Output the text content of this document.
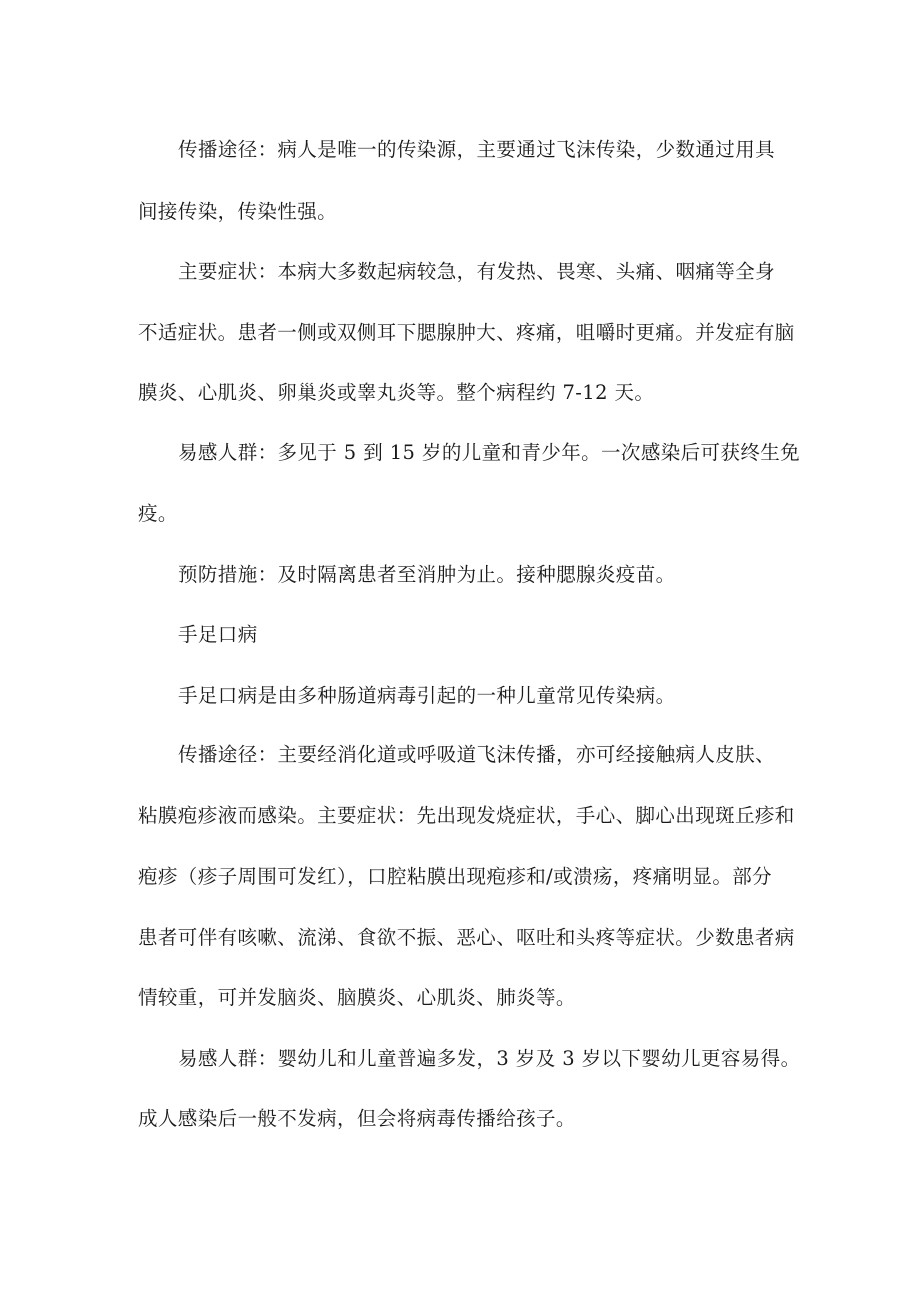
传播途径：病人是唯一的传染源，主要通过飞沫传染，少数通过用具
间接传染，传染性强。
主要症状：本病大多数起病较急，有发热、畏寒、头痛、咽痛等全身
不适症状。患者一侧或双侧耳下腮腺肿大、疼痛，咀嚼时更痛。并发症有脑
膜炎、心肌炎、卵巢炎或睾丸炎等。整个病程约 7-12 天。
易感人群：多见于 5 到 15 岁的儿童和青少年。一次感染后可获终生免
疫。
预防措施：及时隔离患者至消肿为止。接种腮腺炎疫苗。
手足口病
手足口病是由多种肠道病毒引起的一种儿童常见传染病。
传播途径：主要经消化道或呼吸道飞沫传播，亦可经接触病人皮肤、
粘膜疱疹液而感染。主要症状：先出现发烧症状，手心、脚心出现斑丘疹和
疱疹（疹子周围可发红），口腔粘膜出现疱疹和/或溃疡，疼痛明显。部分
患者可伴有咳嗽、流涕、食欲不振、恶心、呕吐和头疼等症状。少数患者病
情较重，可并发脑炎、脑膜炎、心肌炎、肺炎等。
易感人群：婴幼儿和儿童普遍多发，3 岁及 3 岁以下婴幼儿更容易得。
成人感染后一般不发病，但会将病毒传播给孩子。
